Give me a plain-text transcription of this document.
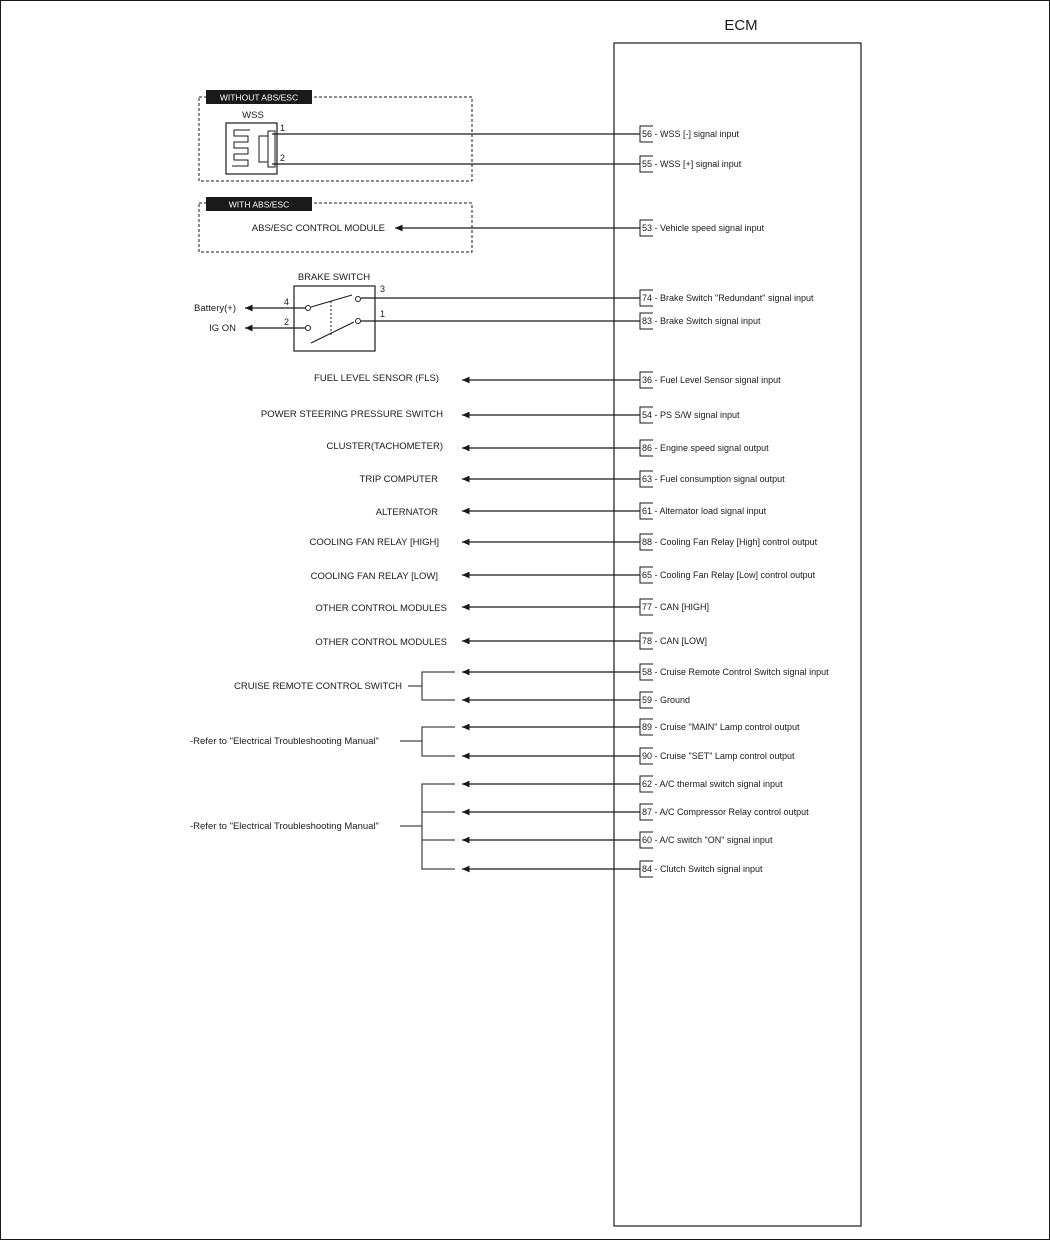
ECM
WITHOUT ABS/ESC
WSS
1
2
WITH ABS/ESC
ABS/ESC CONTROL MODULE
BRAKE SWITCH
Battery(+)
IG ON
4
2
3
1
FUEL LEVEL SENSOR (FLS)
POWER STEERING PRESSURE SWITCH
CLUSTER(TACHOMETER)
TRIP COMPUTER
ALTERNATOR
COOLING FAN RELAY [HIGH]
COOLING FAN RELAY [LOW]
OTHER CONTROL MODULES
OTHER CONTROL MODULES
CRUISE REMOTE CONTROL SWITCH
-Refer to "Electrical Troubleshooting Manual"
-Refer to "Electrical Troubleshooting Manual"
56 - WSS [-] signal input
55 - WSS [+] signal input
53 - Vehicle speed signal input
74 - Brake Switch "Redundant" signal input
83 - Brake Switch signal input
36 - Fuel Level Sensor signal input
54 - PS S/W signal input
86 - Engine speed signal output
63 - Fuel consumption signal output
61 - Alternator load signal input
88 - Cooling Fan Relay [High] control output
65 - Cooling Fan Relay [Low] control output
77 - CAN [HIGH]
78 - CAN [LOW]
58 - Cruise Remote Control Switch signal input
59 - Ground
89 - Cruise "MAIN" Lamp control output
90 - Cruise "SET" Lamp control output
62 - A/C thermal switch signal input
87 - A/C Compressor Relay control output
60 - A/C switch "ON" signal input
84 - Clutch Switch signal input
